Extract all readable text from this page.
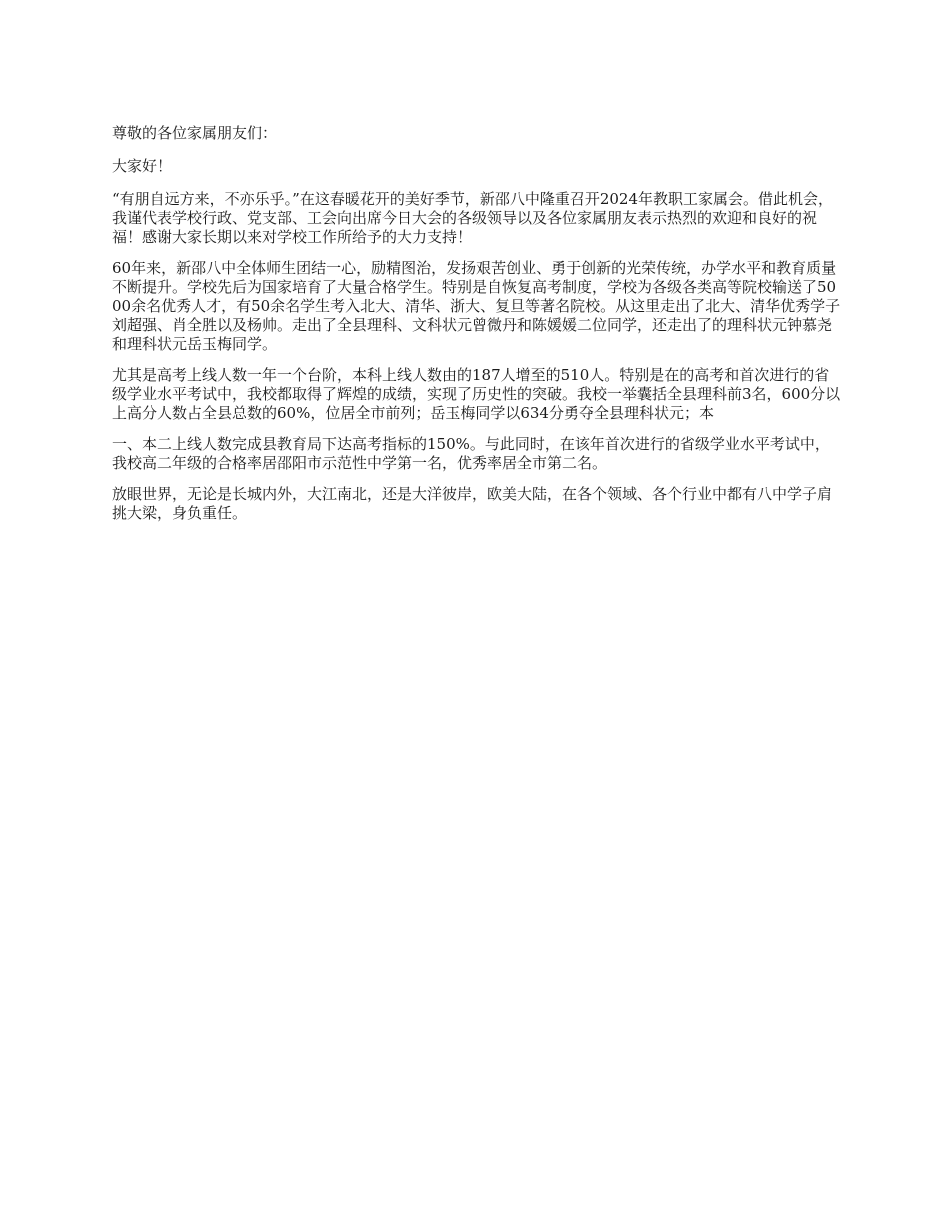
尊敬的各位家属朋友们：

大家好！

“有朋自远方来，不亦乐乎。”在这春暖花开的美好季节，新邵八中隆重召开2024年教职工家属会。借此机会，我谨代表学校行政、党支部、工会向出席今日大会的各级领导以及各位家属朋友表示热烈的欢迎和良好的祝福！感谢大家长期以来对学校工作所给予的大力支持！

60年来，新邵八中全体师生团结一心，励精图治，发扬艰苦创业、勇于创新的光荣传统，办学水平和教育质量不断提升。学校先后为国家培育了大量合格学生。特别是自恢复高考制度，学校为各级各类高等院校输送了5000余名优秀人才，有50余名学生考入北大、清华、浙大、复旦等著名院校。从这里走出了北大、清华优秀学子刘超强、肖全胜以及杨帅。走出了全县理科、文科状元曾微丹和陈媛媛二位同学，还走出了的理科状元钟慕尧和理科状元岳玉梅同学。

尤其是高考上线人数一年一个台阶，本科上线人数由的187人增至的510人。特别是在的高考和首次进行的省级学业水平考试中，我校都取得了辉煌的成绩，实现了历史性的突破。我校一举囊括全县理科前3名，600分以上高分人数占全县总数的60%，位居全市前列；岳玉梅同学以634分勇夺全县理科状元；本

一、本二上线人数完成县教育局下达高考指标的150%。与此同时，在该年首次进行的省级学业水平考试中，我校高二年级的合格率居邵阳市示范性中学第一名，优秀率居全市第二名。

放眼世界，无论是长城内外，大江南北，还是大洋彼岸，欧美大陆，在各个领域、各个行业中都有八中学子肩挑大梁，身负重任。
